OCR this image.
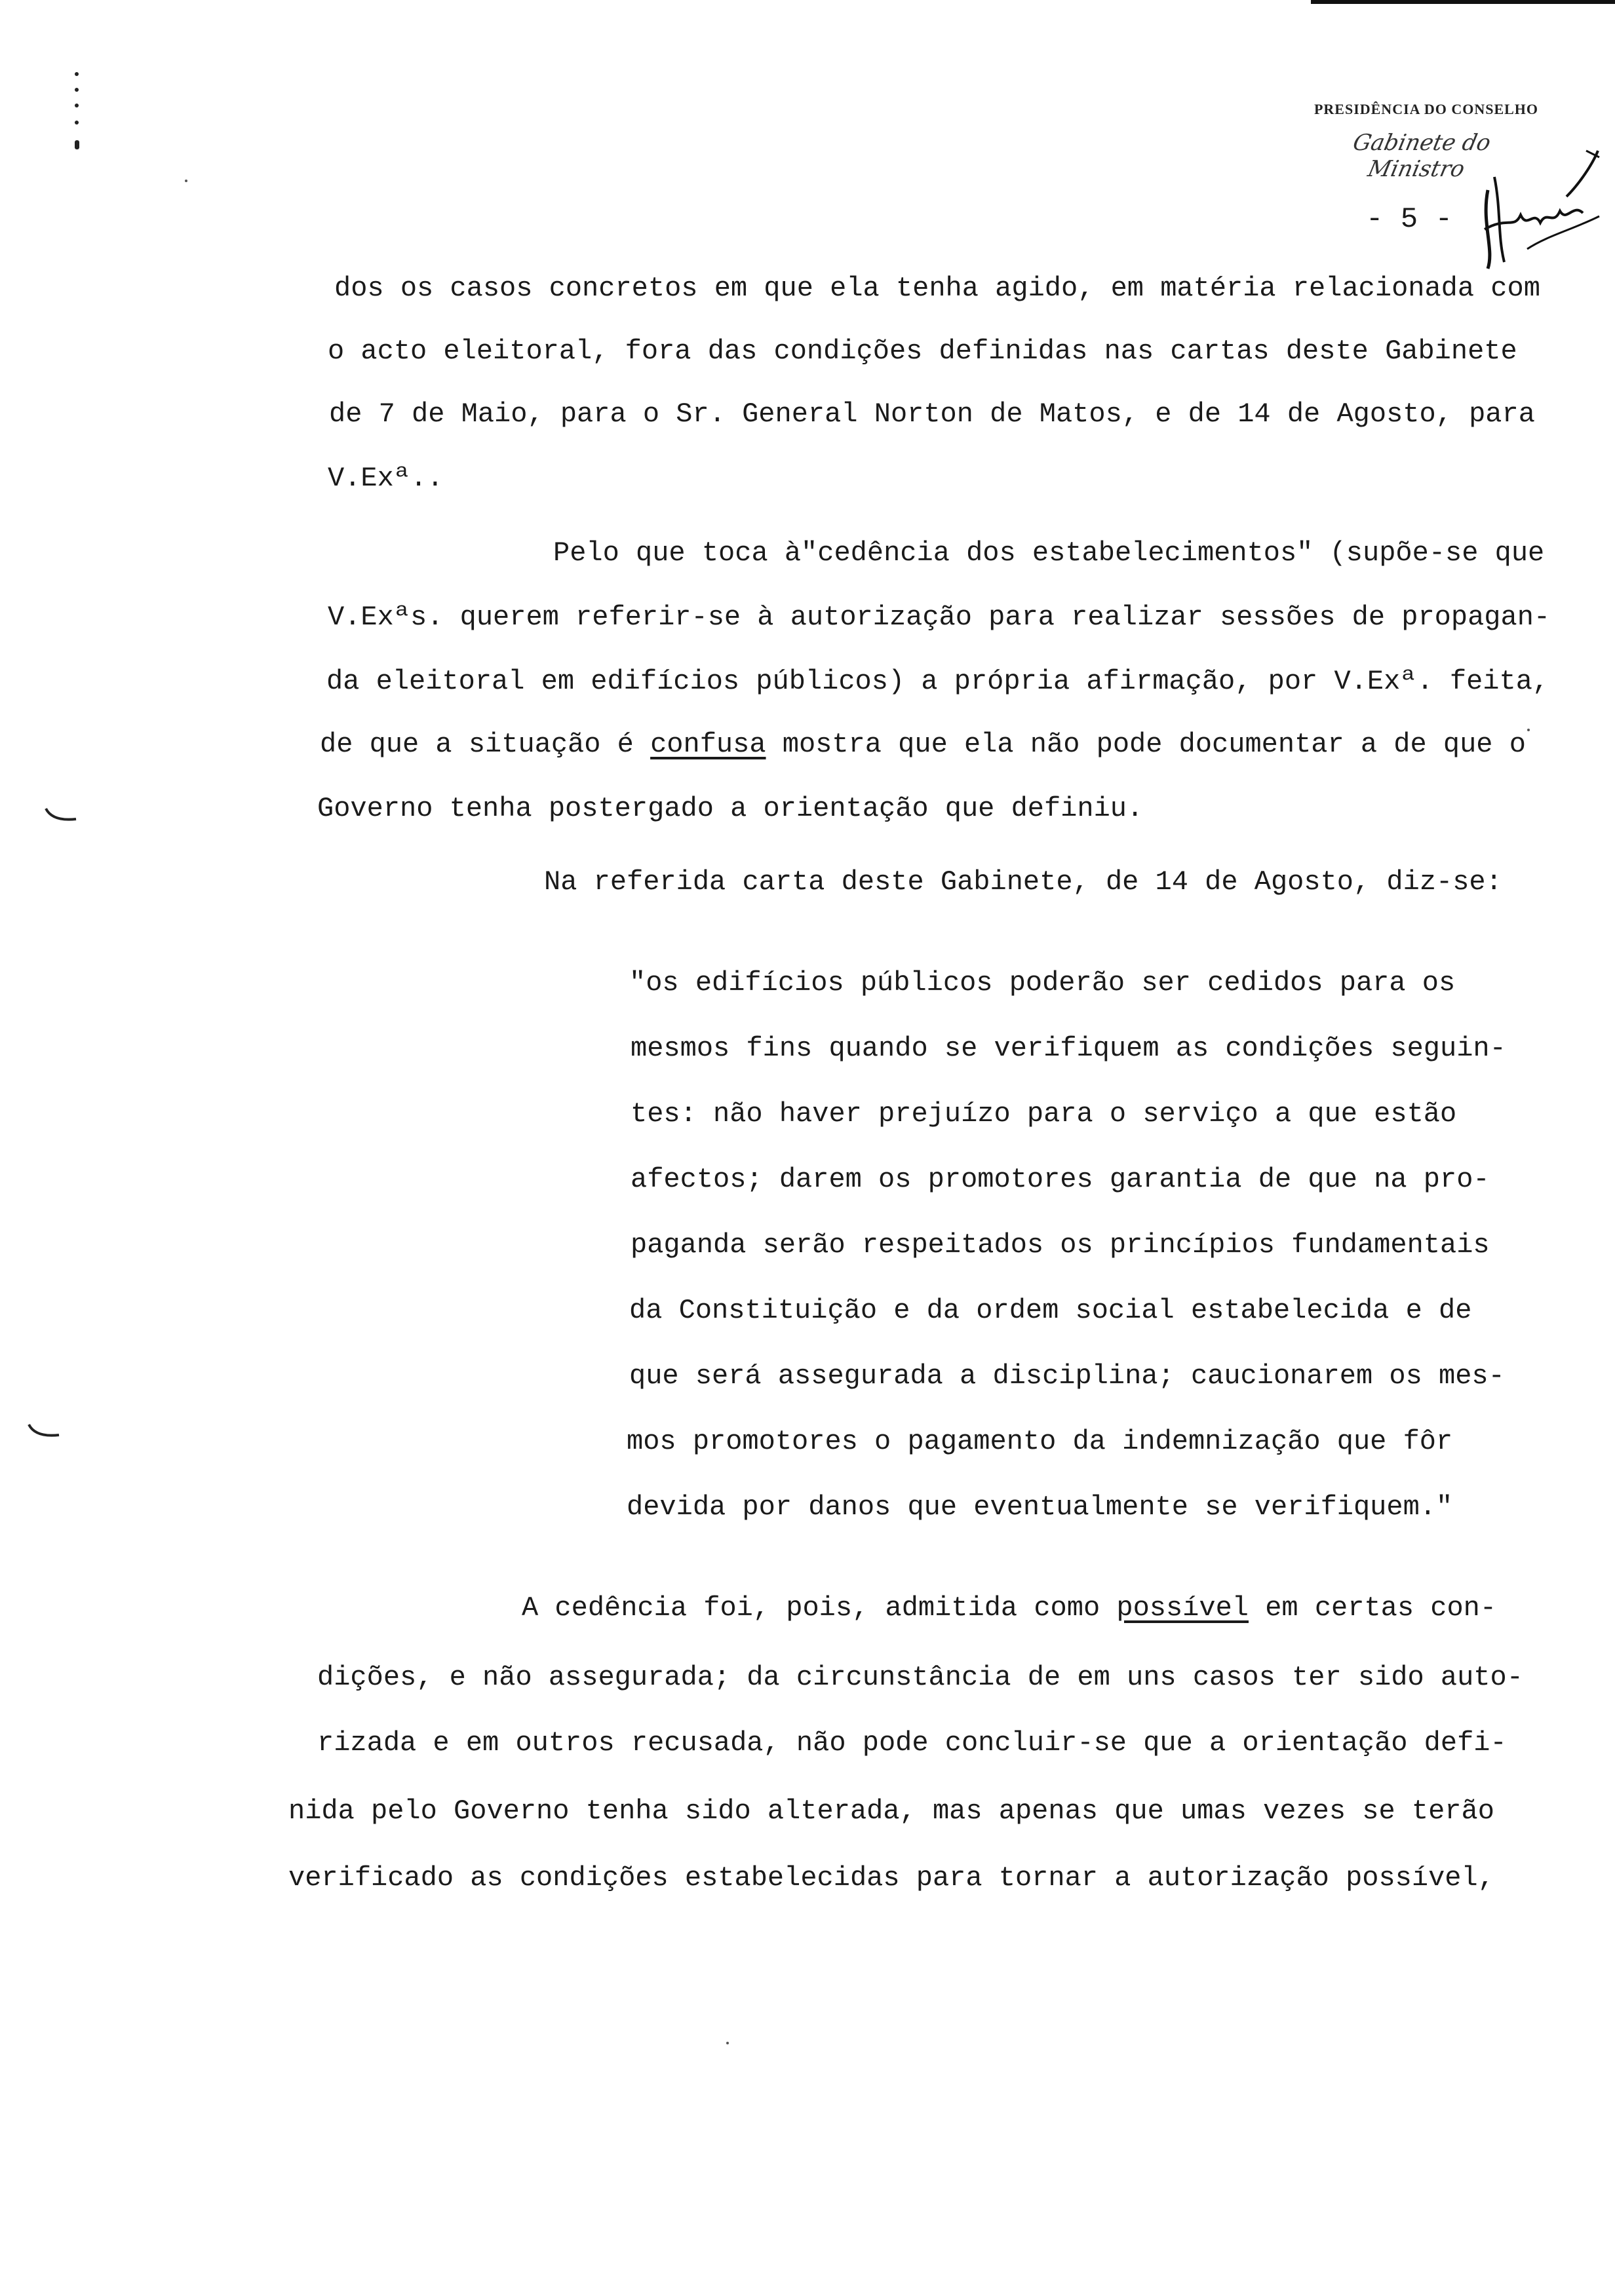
PRESIDÊNCIA DO CONSELHO
Gabinete do Ministro
- 5 -
dos os casos concretos em que ela tenha agido, em matéria relacionada com
o acto eleitoral, fora das condições definidas nas cartas deste Gabinete
de 7 de Maio, para o Sr. General Norton de Matos, e de 14 de Agosto, para
V.Exª..
Pelo que toca à"cedência dos estabelecimentos" (supõe-se que
V.Exªs. querem referir-se à autorização para realizar sessões de propagan-
da eleitoral em edifícios públicos) a própria afirmação, por V.Exª. feita,
de que a situação é confusa mostra que ela não pode documentar a de que o
Governo tenha postergado a orientação que definiu.
Na referida carta deste Gabinete, de 14 de Agosto, diz-se:
"os edifícios públicos poderão ser cedidos para os
mesmos fins quando se verifiquem as condições seguin-
tes: não haver prejuízo para o serviço a que estão
afectos; darem os promotores garantia de que na pro-
paganda serão respeitados os princípios fundamentais
da Constituição e da ordem social estabelecida e de
que será assegurada a disciplina; caucionarem os mes-
mos promotores o pagamento da indemnização que fôr
devida por danos que eventualmente se verifiquem."
A cedência foi, pois, admitida como possível em certas con-
dições, e não assegurada; da circunstância de em uns casos ter sido auto-
rizada e em outros recusada, não pode concluir-se que a orientação defi-
nida pelo Governo tenha sido alterada, mas apenas que umas vezes se terão
verificado as condições estabelecidas para tornar a autorização possível,
